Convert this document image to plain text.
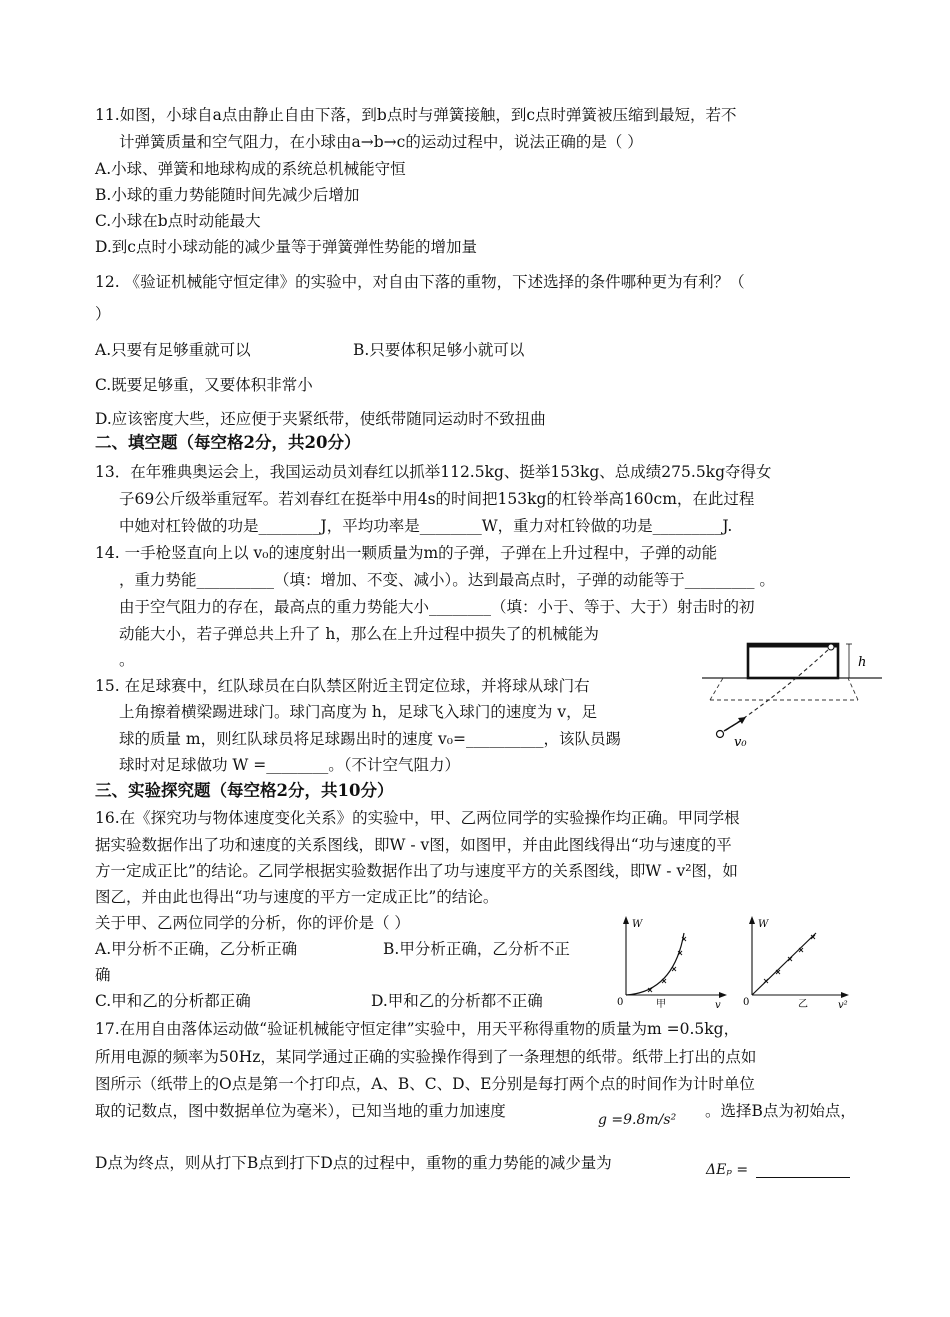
11.如图，小球自a点由静止自由下落，到b点时与弹簧接触，到c点时弹簧被压缩到最短，若不
计弹簧质量和空气阻力，在小球由a→b→c的运动过程中，说法正确的是（ ）
A.小球、弹簧和地球构成的系统总机械能守恒
B.小球的重力势能随时间先减少后增加
C.小球在b点时动能最大
D.到c点时小球动能的减少量等于弹簧弹性势能的增加量
12. 《验证机械能守恒定律》的实验中，对自由下落的重物，下述选择的条件哪种更为有利？（
）
A.只要有足够重就可以	B.只要体积足够小就可以
C.既要足够重，又要体积非常小
D.应该密度大些，还应便于夹紧纸带，使纸带随同运动时不致扭曲
二、填空题（每空格2分，共20分）
13．在年雅典奥运会上，我国运动员刘春红以抓举112.5kg、挺举153kg、总成绩275.5kg夺得女
子69公斤级举重冠军。若刘春红在挺举中用4s的时间把153kg的杠铃举高160cm，在此过程
中她对杠铃做的功是________J，平均功率是________W，重力对杠铃做的功是_________J.
14. 一手枪竖直向上以 v₀的速度射出一颗质量为m的子弹，子弹在上升过程中，子弹的动能
，重力势能__________（填：增加、不变、减小）。达到最高点时，子弹的动能等于_________ 。
由于空气阻力的存在，最高点的重力势能大小________（填：小于、等于、大于）射击时的初
动能大小，若子弹总共上升了 h，那么在上升过程中损失了的机械能为
。
15. 在足球赛中，红队球员在白队禁区附近主罚定位球，并将球从球门右
上角擦着横梁踢进球门。球门高度为 h，足球飞入球门的速度为 v，足
球的质量 m，则红队球员将足球踢出时的速度 v₀=__________，该队员踢
球时对足球做功 W =________。（不计空气阻力）
h
v₀
三、实验探究题（每空格2分，共10分）
16.在《探究功与物体速度变化关系》的实验中，甲、乙两位同学的实验操作均正确。甲同学根
据实验数据作出了功和速度的关系图线，即W - v图，如图甲，并由此图线得出“功与速度的平
方一定成正比”的结论。乙同学根据实验数据作出了功与速度平方的关系图线，即W - v²图，如
图乙，并由此也得出“功与速度的平方一定成正比”的结论。
关于甲、乙两位同学的分析，你的评价是（ ）
A.甲分析不正确，乙分析正确	B.甲分析正确，乙分析不正
确
C.甲和乙的分析都正确	D.甲和乙的分析都不正确
W
v
0	甲
W
v²
0	乙
17.在用自由落体运动做“验证机械能守恒定律”实验中，用天平称得重物的质量为m =0.5kg，
所用电源的频率为50Hz，某同学通过正确的实验操作得到了一条理想的纸带。纸带上打出的点如
图所示（纸带上的O点是第一个打印点，A、B、C、D、E分别是每打两个点的时间作为计时单位
取的记数点，图中数据单位为毫米），已知当地的重力加速度	g =9.8m/s² 。选择B点为初始点，
D点为终点，则从打下B点到打下D点的过程中，重物的重力势能的减少量为	ΔEₚ =
